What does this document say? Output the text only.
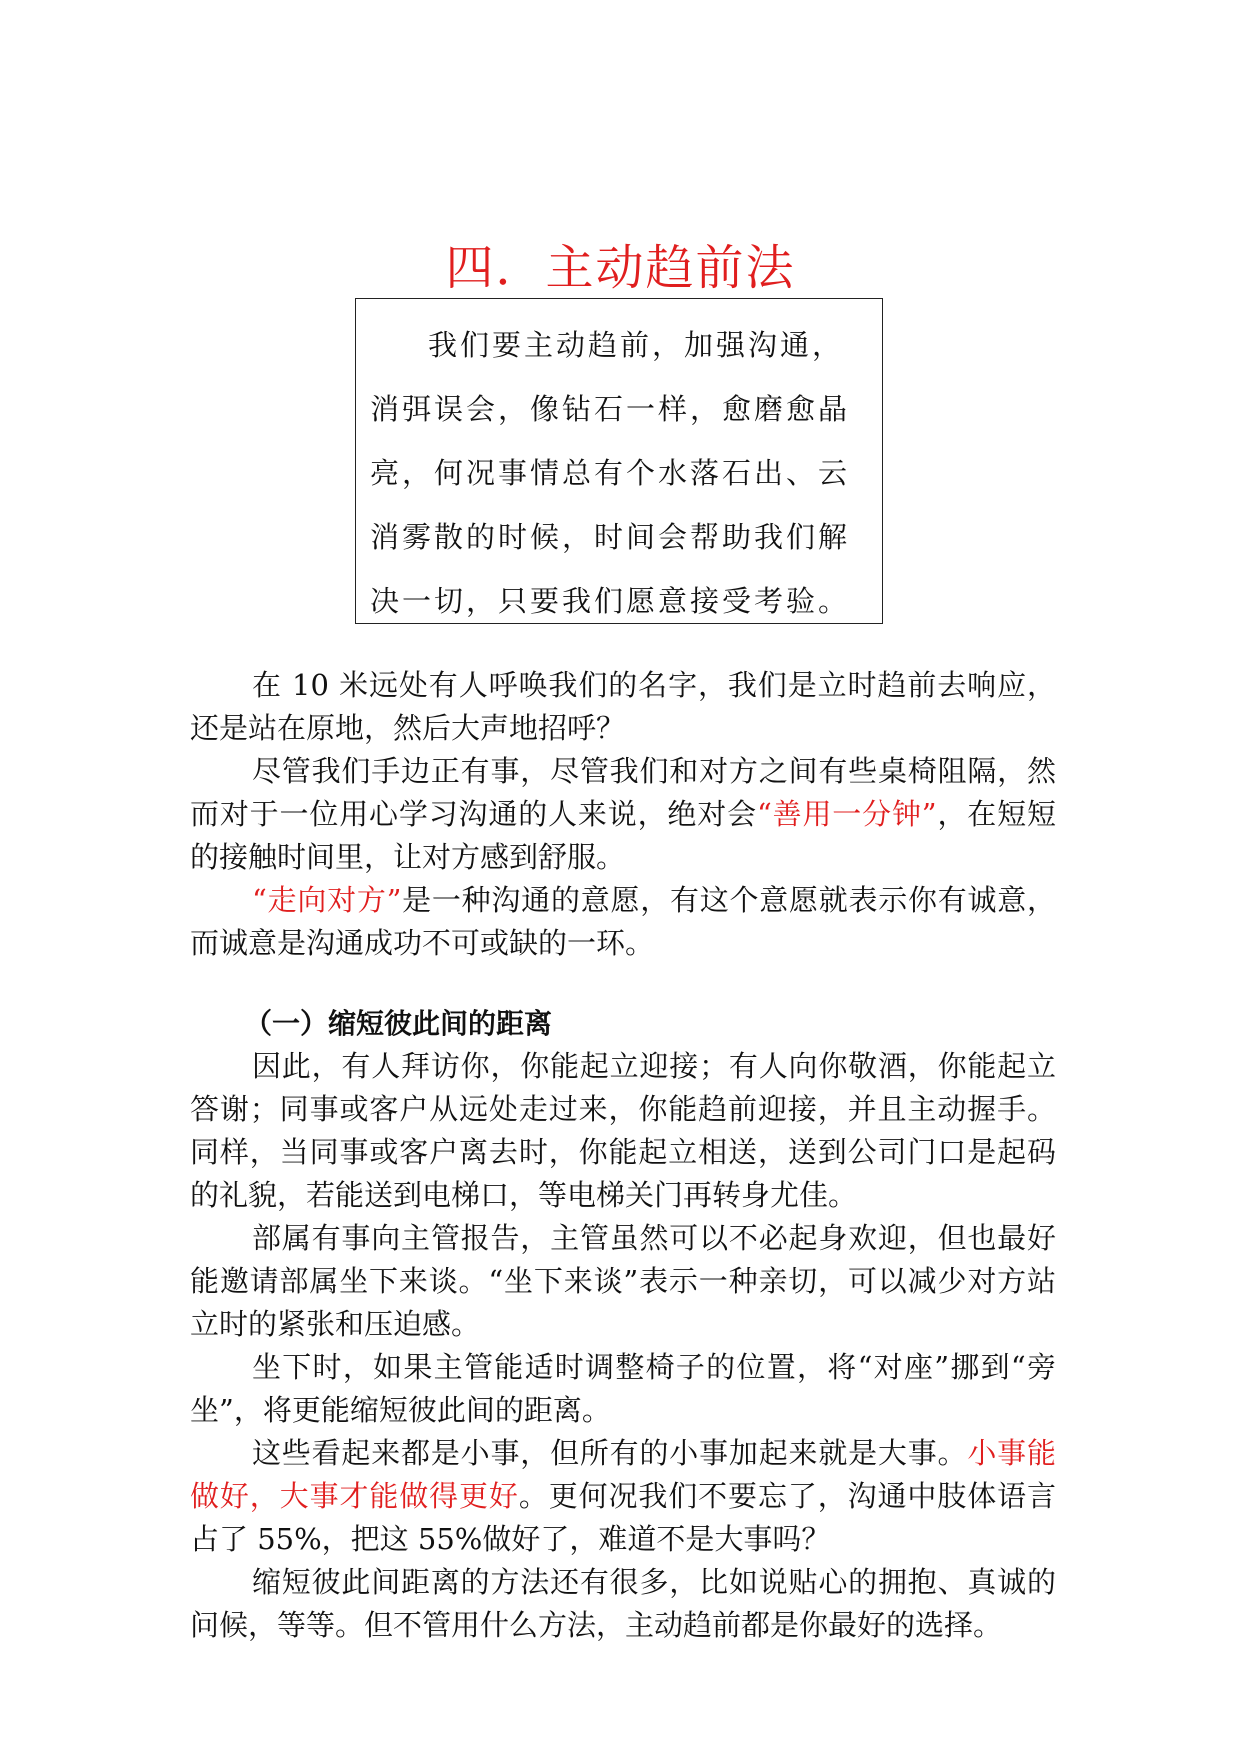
四．主动趋前法

我们要主动趋前，加强沟通，消弭误会，像钻石一样，愈磨愈晶亮，何况事情总有个水落石出、云消雾散的时候，时间会帮助我们解决一切，只要我们愿意接受考验。

在 10 米远处有人呼唤我们的名字，我们是立时趋前去响应，还是站在原地，然后大声地招呼？

尽管我们手边正有事，尽管我们和对方之间有些桌椅阻隔，然而对于一位用心学习沟通的人来说，绝对会“善用一分钟”，在短短的接触时间里，让对方感到舒服。

“走向对方”是一种沟通的意愿，有这个意愿就表示你有诚意，而诚意是沟通成功不可或缺的一环。

（一）缩短彼此间的距离

因此，有人拜访你，你能起立迎接；有人向你敬酒，你能起立答谢；同事或客户从远处走过来，你能趋前迎接，并且主动握手。同样，当同事或客户离去时，你能起立相送，送到公司门口是起码的礼貌，若能送到电梯口，等电梯关门再转身尤佳。

部属有事向主管报告，主管虽然可以不必起身欢迎，但也最好能邀请部属坐下来谈。“坐下来谈”表示一种亲切，可以减少对方站立时的紧张和压迫感。

坐下时，如果主管能适时调整椅子的位置，将“对座”挪到“旁坐”，将更能缩短彼此间的距离。

这些看起来都是小事，但所有的小事加起来就是大事。小事能做好，大事才能做得更好。更何况我们不要忘了，沟通中肢体语言占了 55%，把这 55%做好了，难道不是大事吗？

缩短彼此间距离的方法还有很多，比如说贴心的拥抱、真诚的问候，等等。但不管用什么方法，主动趋前都是你最好的选择。
